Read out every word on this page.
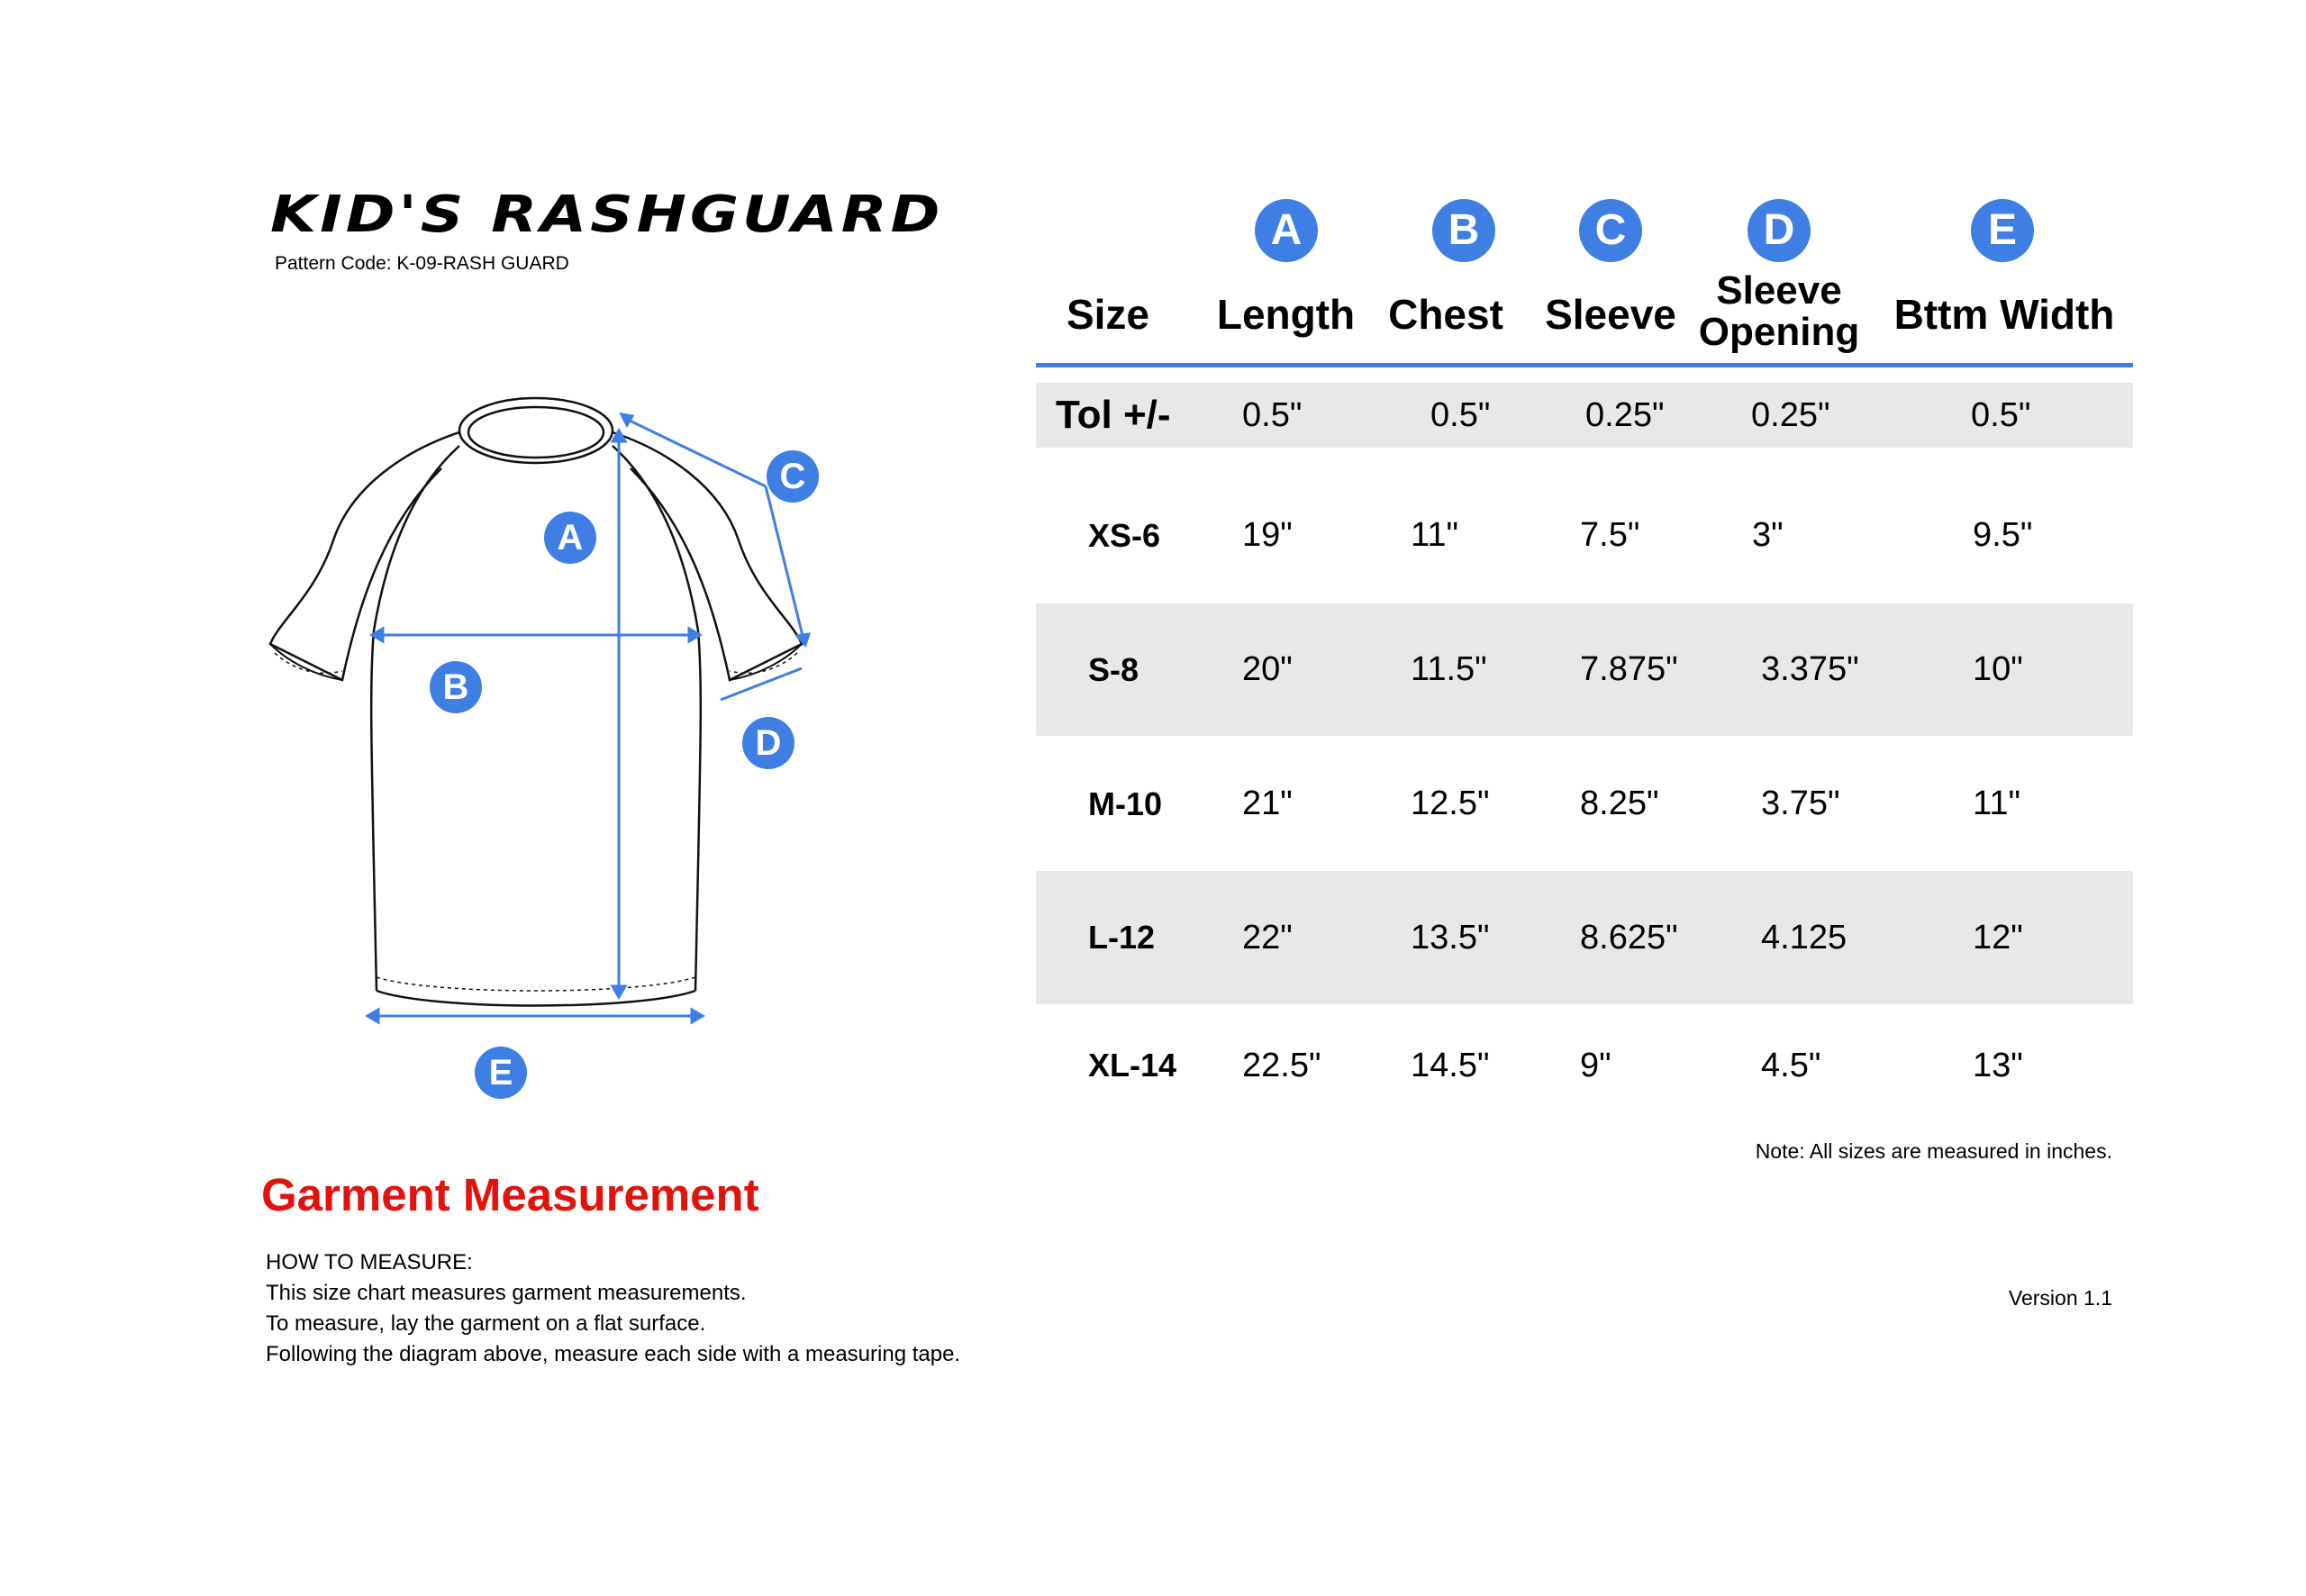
KID'S RASHGUARD
Pattern Code: K-09-RASH GUARD
A
B
C
D
E
Garment Measurement
HOW TO MEASURE:
This size chart measures garment measurements.
To measure, lay the garment on a flat surface.
Following the diagram above, measure each side with a measuring tape.
A	B	C	D	E
Size Length Chest Sleeve
Sleeve Opening Bttm Width
Tol +/- 0.5"	0.5"	0.25"	0.25"	0.5"
XS-6 19"	11"	7.5"	3"	9.5"
S-8	20"	11.5"	7.875" 3.375"	10"
M-10 21"	12.5"	8.25"	3.75"	11"
L-12	22"	13.5"	8.625" 4.125	12"
XL-14 22.5"	14.5"	9"	4.5"	13"
Note: All sizes are measured in inches.
Version 1.1
